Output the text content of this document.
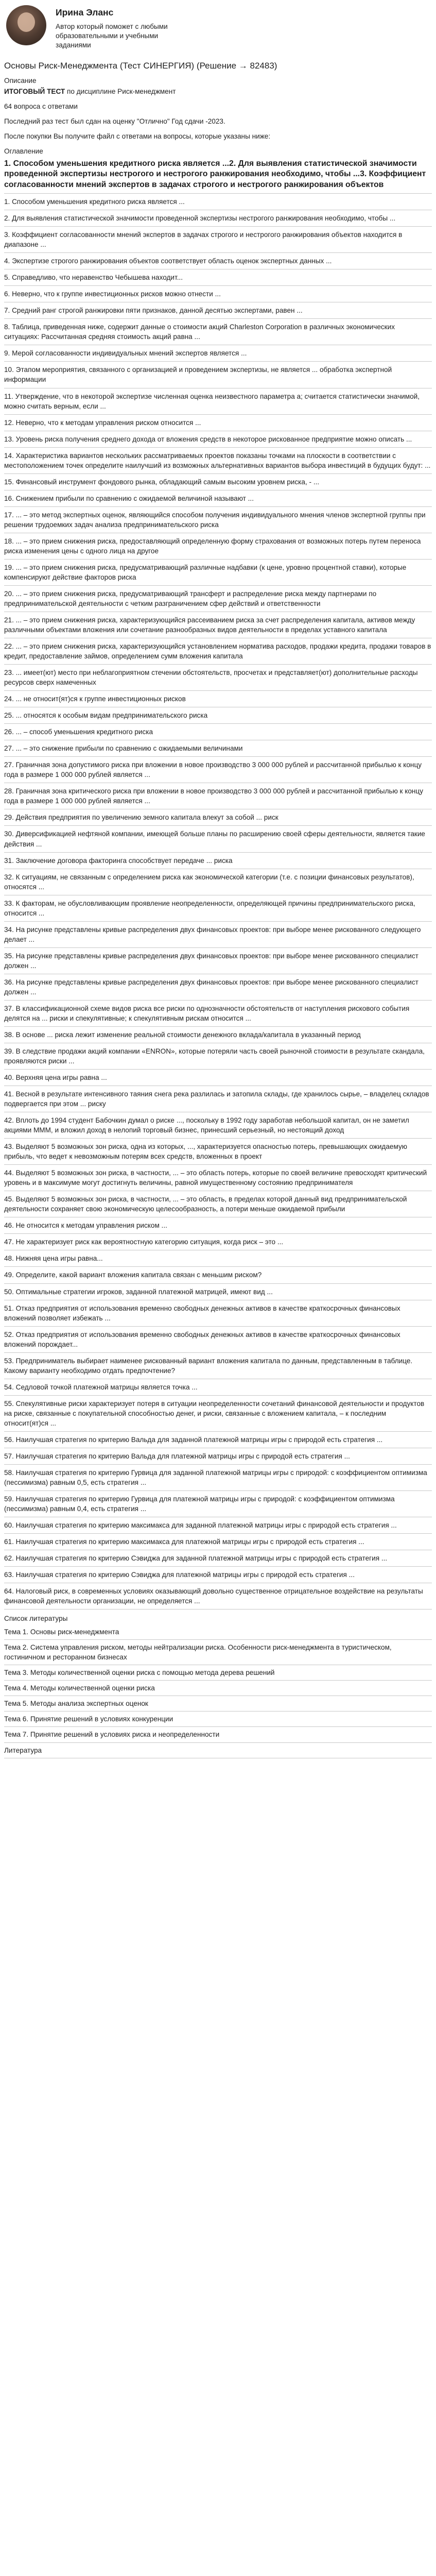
Ирина Эланс
Автор который поможет с любыми образовательными и учебными заданиями
Основы Риск-Менеджмента (Тест СИНЕРГИЯ) (Решение → 82483)
Описание
ИТОГОВЫЙ ТЕСТ по дисциплине Риск-менеджмент
64 вопроса с ответами
Последний раз тест был сдан на оценку "Отлично" Год сдачи -2023.
После покупки Вы получите файл с ответами на вопросы, которые указаны ниже:
Оглавление
1. Способом уменьшения кредитного риска является ...2. Для выявления статистической значимости проведенной экспертизы нестрогого и нестрогого ранжирования необходимо, чтобы ...3. Коэффициент согласованности мнений экспертов в задачах строгого и нестрогого ранжирования объектов
1. Способом уменьшения кредитного риска является ...
2. Для выявления статистической значимости проведенной экспертизы нестрогого ранжирования необходимо, чтобы ...
3. Коэффициент согласованности мнений экспертов в задачах строгого и нестрогого ранжирования объектов находится в диапазоне ...
4. Экспертизе строгого ранжирования объектов соответствует область оценок экспертных данных ...
5. Справедливо, что неравенство Чебышева находит...
6. Неверно, что к группе инвестиционных рисков можно отнести ...
7. Средний ранг строгой ранжировки пяти признаков, данной десятью экспертами, равен ...
8. Таблица, приведенная ниже, содержит данные о стоимости акций Charleston Corporation в различных экономических ситуациях: Рассчитанная средняя стоимость акций равна ...
9. Мерой согласованности индивидуальных мнений экспертов является ...
10. Этапом мероприятия, связанного с организацией и проведением экспертизы, не является ... обработка экспертной информации
11. Утверждение, что в некоторой экспертизе численная оценка неизвестного параметра а; считается статистически значимой, можно считать верным, если ...
12. Неверно, что к методам управления риском относится ...
13. Уровень риска получения среднего дохода от вложения средств в некоторое рискованное предприятие можно описать ...
14. Характеристика вариантов нескольких рассматриваемых проектов показаны точками на плоскости в соответствии с местоположением точек определите наилучший из возможных альтернативных вариантов выбора инвестиций в будущих будут: ...
15. Финансовый инструмент фондового рынка, обладающий самым высоким уровнем риска, - ...
16. Снижением прибыли по сравнению с ожидаемой величиной называют ...
17. ... – это метод экспертных оценок, являющийся способом получения индивидуального мнения членов экспертной группы при решении трудоемких задач анализа предпринимательского риска
18. ... – это прием снижения риска, предоставляющий определенную форму страхования от возможных потерь путем переноса риска изменения цены с одного лица на другое
19. ... – это прием снижения риска, предусматривающий различные надбавки (к цене, уровню процентной ставки), которые компенсируют действие факторов риска
20. ... – это прием снижения риска, предусматривающий трансферт и распределение риска между партнерами по предпринимательской деятельности с четким разграничением сфер действий и ответственности
21. ... – это прием снижения риска, характеризующийся рассеиванием риска за счет распределения капитала, активов между различными объектами вложения или сочетание разнообразных видов деятельности в пределах уставного капитала
22. ... – это прием снижения риска, характеризующийся установлением норматива расходов, продажи кредита, продажи товаров в кредит, предоставление займов, определением сумм вложения капитала
23. ... имеет(ют) место при неблагоприятном стечении обстоятельств, просчетах и представляет(ют) дополнительные расходы ресурсов сверх намеченных
24. ... не относит(ят)ся к группе инвестиционных рисков
25. ... относятся к особым видам предпринимательского риска
26. ... – способ уменьшения кредитного риска
27. ... – это снижение прибыли по сравнению с ожидаемыми величинами
27. Граничная зона допустимого риска при вложении в новое производство 3 000 000 рублей и рассчитанной прибылью к концу года в размере 1 000 000 рублей является ...
28. Граничная зона критического риска при вложении в новое производство 3 000 000 рублей и рассчитанной прибылью к концу года в размере 1 000 000 рублей является ...
29. Действия предприятия по увеличению земного капитала влекут за собой ... риск
30. Диверсификацией нефтяной компании, имеющей больше планы по расширению своей сферы деятельности, является такие действия ...
31. Заключение договора факторинга способствует передаче ... риска
32. К ситуациям, не связанным с определением риска как экономической категории (т.е. с позиции финансовых результатов), относятся ...
33. К факторам, не обусловливающим проявление неопределенности, определяющей причины предпринимательского риска, относится ...
34. На рисунке представлены кривые распределения двух финансовых проектов: при выборе менее рискованного следующего делает ...
35. На рисунке представлены кривые распределения двух финансовых проектов: при выборе менее рискованного специалист должен ...
36. На рисунке представлены кривые распределения двух финансовых проектов: при выборе менее рискованного специалист должен ...
37. В классификационной схеме видов риска все риски по однозначности обстоятельств от наступления рискового события делятся на ... риски и спекулятивные; к спекулятивным рискам относится ...
38. В основе ... риска лежит изменение реальной стоимости денежного вклада/капитала в указанный период
39. В следствие продажи акций компании «ENRON», которые потеряли часть своей рыночной стоимости в результате скандала, проявляются риски ...
40. Верхняя цена игры равна ...
41. Весной в результате интенсивного таяния снега река разлилась и затопила склады, где хранилось сырье, – владелец складов подвергается при этом ... риску
42. Вплоть до 1994 студент Бабочкин думал о риске ..., поскольку в 1992 году заработав небольшой капитал, он не заметил акциями ММM, и вложил доход в нелопий торговый бизнес, принесший серьезный, но нестоящий доход
43. Выделяют 5 возможных зон риска, одна из которых, ..., характеризуется опасностью потерь, превышающих ожидаемую прибыль, что ведет к невозможным потерям всех средств, вложенных в проект
44. Выделяют 5 возможных зон риска, в частности, ... – это область потерь, которые по своей величине превосходят критический уровень и в максимуме могут достигнуть величины, равной имущественному состоянию предпринимателя
45. Выделяют 5 возможных зон риска, в частности, ... – это область, в пределах которой данный вид предпринимательской деятельности сохраняет свою экономическую целесообразность, а потери меньше ожидаемой прибыли
46. Не относится к методам управления риском ...
47. Не характеризует риск как вероятностную категорию ситуация, когда риск – это ...
48. Нижняя цена игры равна...
49. Определите, какой вариант вложения капитала связан с меньшим риском?
50. Оптимальные стратегии игроков, заданной платежной матрицей, имеют вид ...
51. Отказ предприятия от использования временно свободных денежных активов в качестве краткосрочных финансовых вложений позволяет избежать ...
52. Отказ предприятия от использования временно свободных денежных активов в качестве краткосрочных финансовых вложений порождает...
53. Предприниматель выбирает наименее рискованный вариант вложения капитала по данным, представленным в таблице. Какому варианту необходимо отдать предпочтение?
54. Седловой точкой платежной матрицы является точка ...
55. Спекулятивные риски характеризует потеря в ситуации неопределенности сочетаний финансовой деятельности и продуктов на риске, связанные с покупательной способностью денег, и риски, связанные с вложением капитала, – к последним относит(ят)ся ...
56. Наилучшая стратегия по критерию Вальда для заданной платежной матрицы игры с природой есть стратегия ...
57. Наилучшая стратегия по критерию Вальда для платежной матрицы игры с природой есть стратегия ...
58. Наилучшая стратегия по критерию Гурвица для заданной платежной матрицы игры с природой: с коэффициентом оптимизма (пессимизма) равным 0,5, есть стратегия ...
59. Наилучшая стратегия по критерию Гурвица для платежной матрицы игры с природой: с коэффициентом оптимизма (пессимизма) равным 0,4, есть стратегия ...
60. Наилучшая стратегия по критерию максимакса для заданной платежной матрицы игры с природой есть стратегия ...
61. Наилучшая стратегия по критерию максимакса для платежной матрицы игры с природой есть стратегия ...
62. Наилучшая стратегия по критерию Сэвиджа для заданной платежной матрицы игры с природой есть стратегия ...
63. Наилучшая стратегия по критерию Сэвиджа для платежной матрицы игры с природой есть стратегия ...
64. Налоговый риск, в современных условиях оказывающий довольно существенное отрицательное воздействие на результаты финансовой деятельности организации, не определяется ...
Список литературы
Тема 1. Основы риск-менеджмента
Тема 2. Система управления риском, методы нейтрализации риска. Особенности риск-менеджмента в туристическом, гостиничном и ресторанном бизнесах
Тема 3. Методы количественной оценки риска с помощью метода дерева решений
Тема 4. Методы количественной оценки риска
Тема 5. Методы анализа экспертных оценок
Тема 6. Принятие решений в условиях конкуренции
Тема 7. Принятие решений в условиях риска и неопределенности
Литература
